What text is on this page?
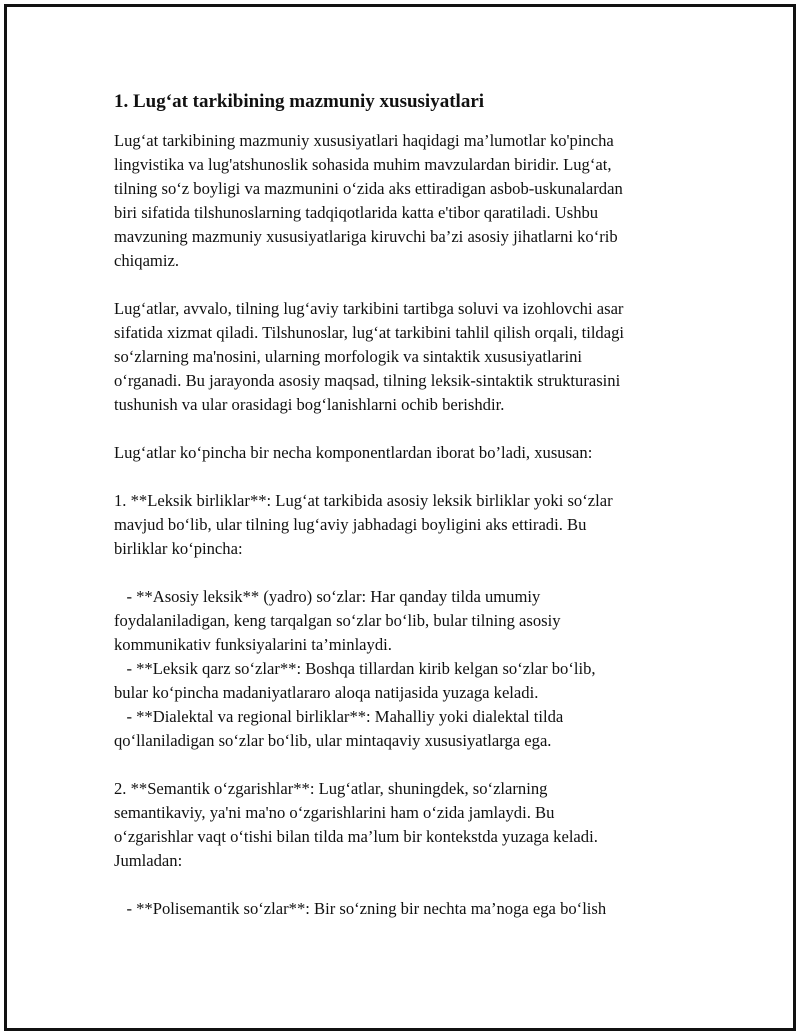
1. Lug‘at tarkibining mazmuniy xususiyatlari
Lug‘at tarkibining mazmuniy xususiyatlari haqidagi ma’lumotlar ko'pincha
lingvistika va lug'atshunoslik sohasida muhim mavzulardan biridir. Lug‘at,
tilning so‘z boyligi va mazmunini o‘zida aks ettiradigan asbob-uskunalardan
biri sifatida tilshunoslarning tadqiqotlarida katta e'tibor qaratiladi. Ushbu
mavzuning mazmuniy xususiyatlariga kiruvchi ba’zi asosiy jihatlarni ko‘rib
chiqamiz.
Lug‘atlar, avvalo, tilning lug‘aviy tarkibini tartibga soluvi va izohlovchi asar
sifatida xizmat qiladi. Tilshunoslar, lug‘at tarkibini tahlil qilish orqali, tildagi
so‘zlarning ma'nosini, ularning morfologik va sintaktik xususiyatlarini
o‘rganadi. Bu jarayonda asosiy maqsad, tilning leksik-sintaktik strukturasini
tushunish va ular orasidagi bog‘lanishlarni ochib berishdir.
Lug‘atlar ko‘pincha bir necha komponentlardan iborat bo’ladi, xususan:
1. **Leksik birliklar**: Lug‘at tarkibida asosiy leksik birliklar yoki so‘zlar
mavjud bo‘lib, ular tilning lug‘aviy jabhadagi boyligini aks ettiradi. Bu
birliklar ko‘pincha:
- **Asosiy leksik** (yadro) so‘zlar: Har qanday tilda umumiy
foydalaniladigan, keng tarqalgan so‘zlar bo‘lib, bular tilning asosiy
kommunikativ funksiyalarini ta’minlaydi.
- **Leksik qarz so‘zlar**: Boshqa tillardan kirib kelgan so‘zlar bo‘lib,
bular ko‘pincha madaniyatlararo aloqa natijasida yuzaga keladi.
- **Dialektal va regional birliklar**: Mahalliy yoki dialektal tilda
qo‘llaniladigan so‘zlar bo‘lib, ular mintaqaviy xususiyatlarga ega.
2. **Semantik o‘zgarishlar**: Lug‘atlar, shuningdek, so‘zlarning
semantikaviy, ya'ni ma'no o‘zgarishlarini ham o‘zida jamlaydi. Bu
o‘zgarishlar vaqt o‘tishi bilan tilda ma’lum bir kontekstda yuzaga keladi.
Jumladan:
- **Polisemantik so‘zlar**: Bir so‘zning bir nechta ma’noga ega bo‘lish
